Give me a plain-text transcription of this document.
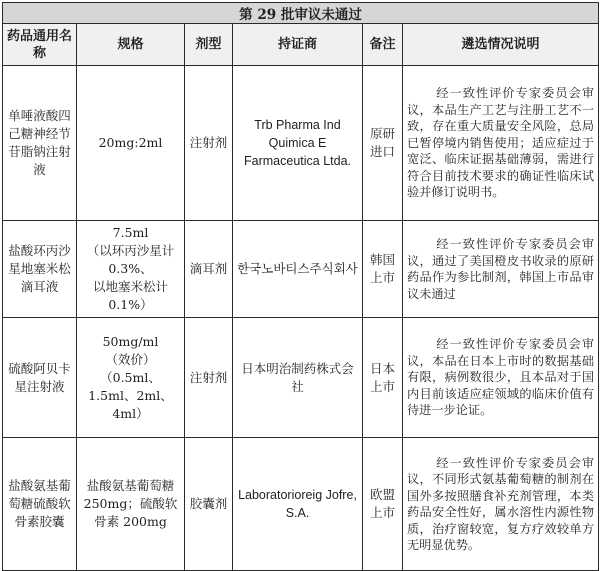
第 29 批审议未通过					
药品通用名称	规格	剂型	持证商	备注	遴选情况说明
单唾液酸四己糖神经节苷脂钠注射液	20mg:2ml	注射剂	Trb Pharma Ind Quimica E Farmaceutica Ltda.	原研进口	经一致性评价专家委员会审议，本品生产工艺与注册工艺不一致，存在重大质量安全风险，总局已暂停境内销售使用；适应症过于宽泛、临床证据基础薄弱，需进行符合目前技术要求的确证性临床试验并修订说明书。

盐酸环丙沙星地塞米松滴耳液	7.5ml
（以环丙沙星计 0.3%、
以地塞米松计 0.1%）	滴耳剂	한국노바티스주식회사	韩国上市	经一致性评价专家委员会审议，通过了美国橙皮书收录的原研药品作为参比制剂，韩国上市品审议未通过

硫酸阿贝卡星注射液	50mg/ml
（效价）
（0.5ml、
1.5ml、2ml、
4ml）	注射剂	日本明治制药株式会社	日本上市	经一致性评价专家委员会审议，本品在日本上市时的数据基础有限，病例数很少，且本品对于国内目前该适应症领域的临床价值有待进一步论证。

盐酸氨基葡萄糖硫酸软骨素胶囊	盐酸氨基葡萄糖 250mg；硫酸软骨素 200mg	胶囊剂	Laboratorioreig Jofre, S.A.	欧盟上市	经一致性评价专家委员会审议，不同形式氨基葡萄糖的制剂在国外多按照膳食补充剂管理，本类药品安全性好，属水溶性内源性物质，治疗窗较宽，复方疗效较单方无明显优势。
